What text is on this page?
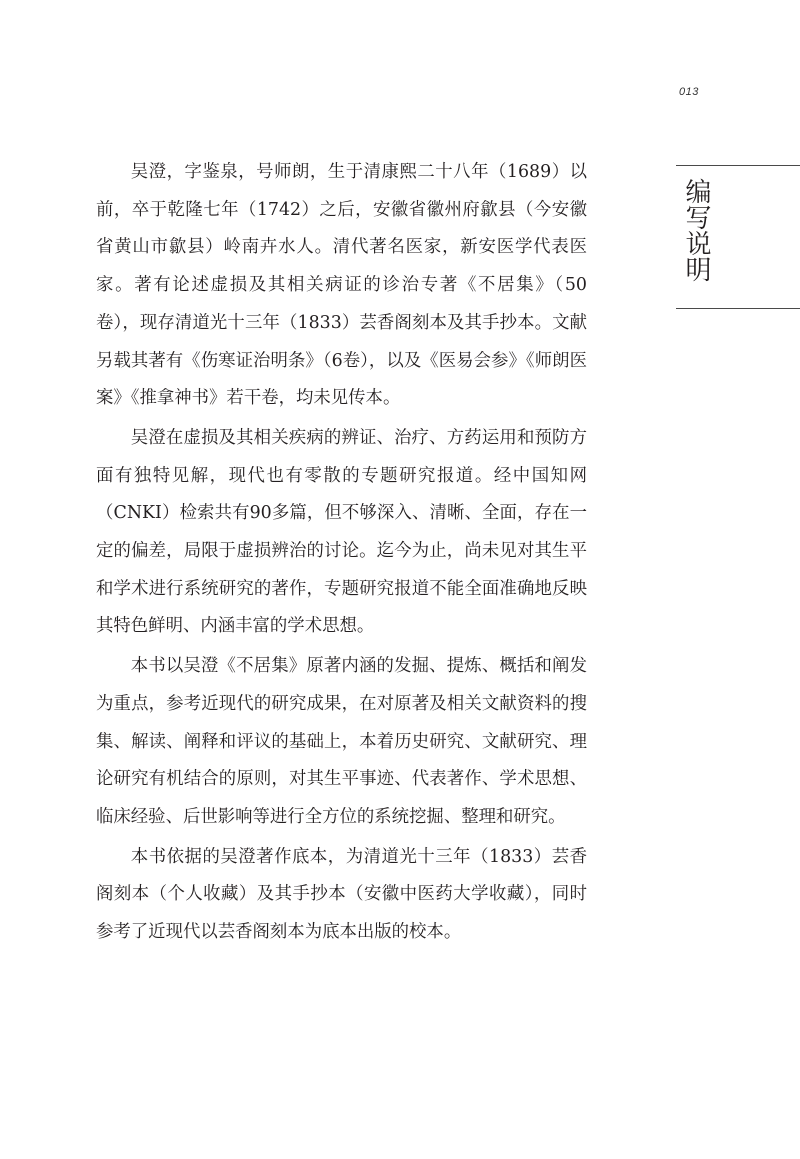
013
编写说明

吴澄，字鉴泉，号师朗，生于清康熙二十八年（1689）以前，卒于乾隆七年（1742）之后，安徽省徽州府歙县（今安徽省黄山市歙县）岭南卉水人。清代著名医家，新安医学代表医家。著有论述虚损及其相关病证的诊治专著《不居集》（50卷），现存清道光十三年（1833）芸香阁刻本及其手抄本。文献另载其著有《伤寒证治明条》（6卷），以及《医易会参》《师朗医案》《推拿神书》若干卷，均未见传本。

吴澄在虚损及其相关疾病的辨证、治疗、方药运用和预防方面有独特见解，现代也有零散的专题研究报道。经中国知网（CNKI）检索共有90多篇，但不够深入、清晰、全面，存在一定的偏差，局限于虚损辨治的讨论。迄今为止，尚未见对其生平和学术进行系统研究的著作，专题研究报道不能全面准确地反映其特色鲜明、内涵丰富的学术思想。

本书以吴澄《不居集》原著内涵的发掘、提炼、概括和阐发为重点，参考近现代的研究成果，在对原著及相关文献资料的搜集、解读、阐释和评议的基础上，本着历史研究、文献研究、理论研究有机结合的原则，对其生平事迹、代表著作、学术思想、临床经验、后世影响等进行全方位的系统挖掘、整理和研究。

本书依据的吴澄著作底本，为清道光十三年（1833）芸香阁刻本（个人收藏）及其手抄本（安徽中医药大学收藏），同时参考了近现代以芸香阁刻本为底本出版的校本。
